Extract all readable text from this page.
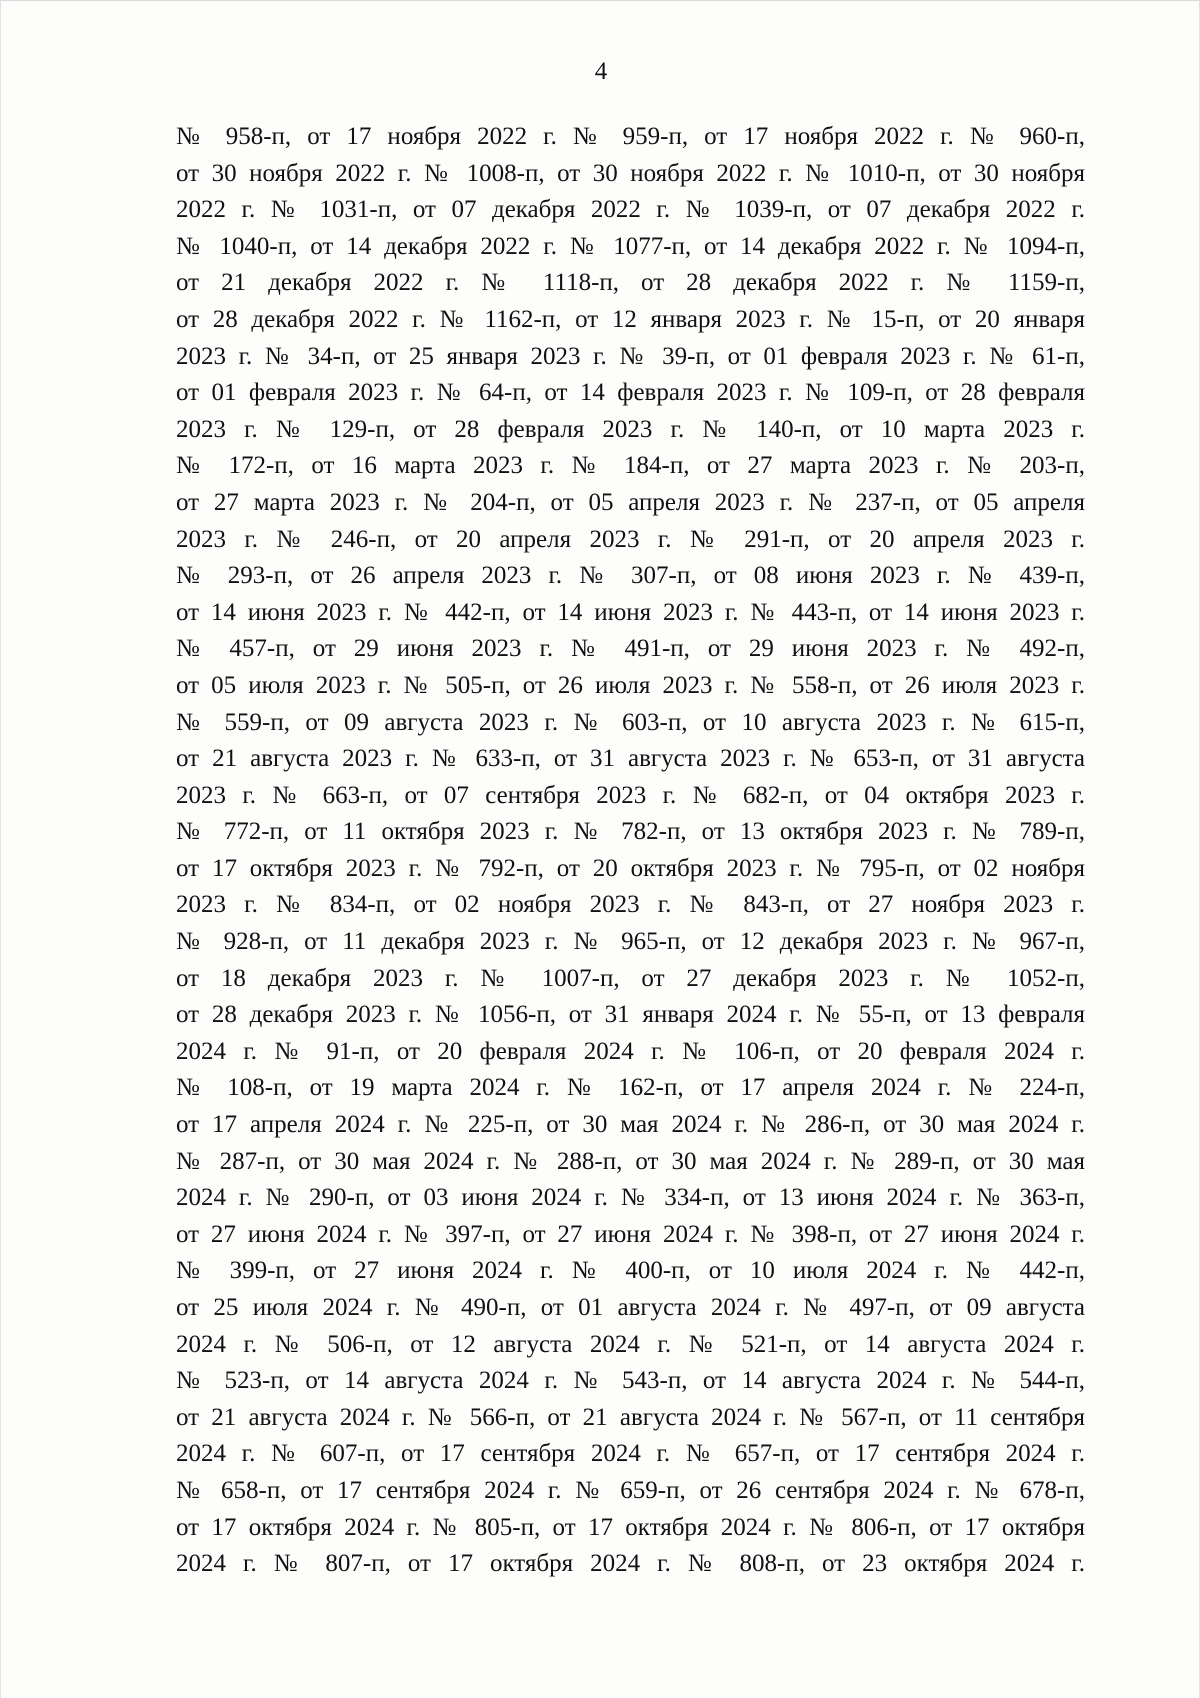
4
№ 958-п, от 17 ноября 2022 г. № 959-п, от 17 ноября 2022 г. № 960-п,
от 30 ноября 2022 г. № 1008-п, от 30 ноября 2022 г. № 1010-п, от 30 ноября
2022 г. № 1031-п, от 07 декабря 2022 г. № 1039-п, от 07 декабря 2022 г.
№ 1040-п, от 14 декабря 2022 г. № 1077-п, от 14 декабря 2022 г. № 1094-п,
от 21 декабря 2022 г. № 1118-п, от 28 декабря 2022 г. № 1159-п,
от 28 декабря 2022 г. № 1162-п, от 12 января 2023 г. № 15-п, от 20 января
2023 г. № 34-п, от 25 января 2023 г. № 39-п, от 01 февраля 2023 г. № 61-п,
от 01 февраля 2023 г. № 64-п, от 14 февраля 2023 г. № 109-п, от 28 февраля
2023 г. № 129-п, от 28 февраля 2023 г. № 140-п, от 10 марта 2023 г.
№ 172-п, от 16 марта 2023 г. № 184-п, от 27 марта 2023 г. № 203-п,
от 27 марта 2023 г. № 204-п, от 05 апреля 2023 г. № 237-п, от 05 апреля
2023 г. № 246-п, от 20 апреля 2023 г. № 291-п, от 20 апреля 2023 г.
№ 293-п, от 26 апреля 2023 г. № 307-п, от 08 июня 2023 г. № 439-п,
от 14 июня 2023 г. № 442-п, от 14 июня 2023 г. № 443-п, от 14 июня 2023 г.
№ 457-п, от 29 июня 2023 г. № 491-п, от 29 июня 2023 г. № 492-п,
от 05 июля 2023 г. № 505-п, от 26 июля 2023 г. № 558-п, от 26 июля 2023 г.
№ 559-п, от 09 августа 2023 г. № 603-п, от 10 августа 2023 г. № 615-п,
от 21 августа 2023 г. № 633-п, от 31 августа 2023 г. № 653-п, от 31 августа
2023 г. № 663-п, от 07 сентября 2023 г. № 682-п, от 04 октября 2023 г.
№ 772-п, от 11 октября 2023 г. № 782-п, от 13 октября 2023 г. № 789-п,
от 17 октября 2023 г. № 792-п, от 20 октября 2023 г. № 795-п, от 02 ноября
2023 г. № 834-п, от 02 ноября 2023 г. № 843-п, от 27 ноября 2023 г.
№ 928-п, от 11 декабря 2023 г. № 965-п, от 12 декабря 2023 г. № 967-п,
от 18 декабря 2023 г. № 1007-п, от 27 декабря 2023 г. № 1052-п,
от 28 декабря 2023 г. № 1056-п, от 31 января 2024 г. № 55-п, от 13 февраля
2024 г. № 91-п, от 20 февраля 2024 г. № 106-п, от 20 февраля 2024 г.
№ 108-п, от 19 марта 2024 г. № 162-п, от 17 апреля 2024 г. № 224-п,
от 17 апреля 2024 г. № 225-п, от 30 мая 2024 г. № 286-п, от 30 мая 2024 г.
№ 287-п, от 30 мая 2024 г. № 288-п, от 30 мая 2024 г. № 289-п, от 30 мая
2024 г. № 290-п, от 03 июня 2024 г. № 334-п, от 13 июня 2024 г. № 363-п,
от 27 июня 2024 г. № 397-п, от 27 июня 2024 г. № 398-п, от 27 июня 2024 г.
№ 399-п, от 27 июня 2024 г. № 400-п, от 10 июля 2024 г. № 442-п,
от 25 июля 2024 г. № 490-п, от 01 августа 2024 г. № 497-п, от 09 августа
2024 г. № 506-п, от 12 августа 2024 г. № 521-п, от 14 августа 2024 г.
№ 523-п, от 14 августа 2024 г. № 543-п, от 14 августа 2024 г. № 544-п,
от 21 августа 2024 г. № 566-п, от 21 августа 2024 г. № 567-п, от 11 сентября
2024 г. № 607-п, от 17 сентября 2024 г. № 657-п, от 17 сентября 2024 г.
№ 658-п, от 17 сентября 2024 г. № 659-п, от 26 сентября 2024 г. № 678-п,
от 17 октября 2024 г. № 805-п, от 17 октября 2024 г. № 806-п, от 17 октября
2024 г. № 807-п, от 17 октября 2024 г. № 808-п, от 23 октября 2024 г.
